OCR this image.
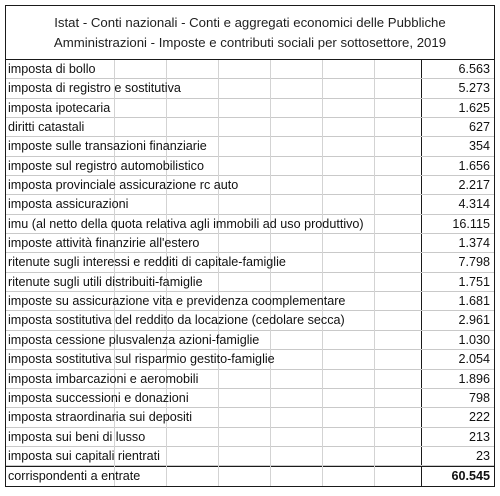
Istat - Conti nazionali - Conti e aggregati economici delle Pubbliche
Amministrazioni - Imposte e contributi sociali per sottosettore, 2019
imposta di bollo	6.563
imposta di registro e sostitutiva	5.273
imposta ipotecaria	1.625
diritti catastali	627
imposte sulle transazioni finanziarie	354
imposte sul registro automobilistico	1.656
imposta provinciale assicurazione rc auto	2.217
imposta assicurazioni	4.314
imu (al netto della quota relativa agli immobili ad uso produttivo)	16.115
imposte attività finanzirie all'estero	1.374
ritenute sugli interessi e redditi di capitale-famiglie	7.798
ritenute sugli utili distribuiti-famiglie	1.751
imposte su assicurazione vita e previdenza coomplementare	1.681
imposta sostitutiva del reddito da locazione (cedolare secca)	2.961
imposta cessione plusvalenza azioni-famiglie	1.030
imposta sostitutiva sul risparmio gestito-famiglie	2.054
imposta imbarcazioni e aeromobili	1.896
imposta successioni e donazioni	798
imposta straordinaria sui depositi	222
imposta sui beni di lusso	213
imposta sui capitali rientrati	23
corrispondenti a entrate	60.545
